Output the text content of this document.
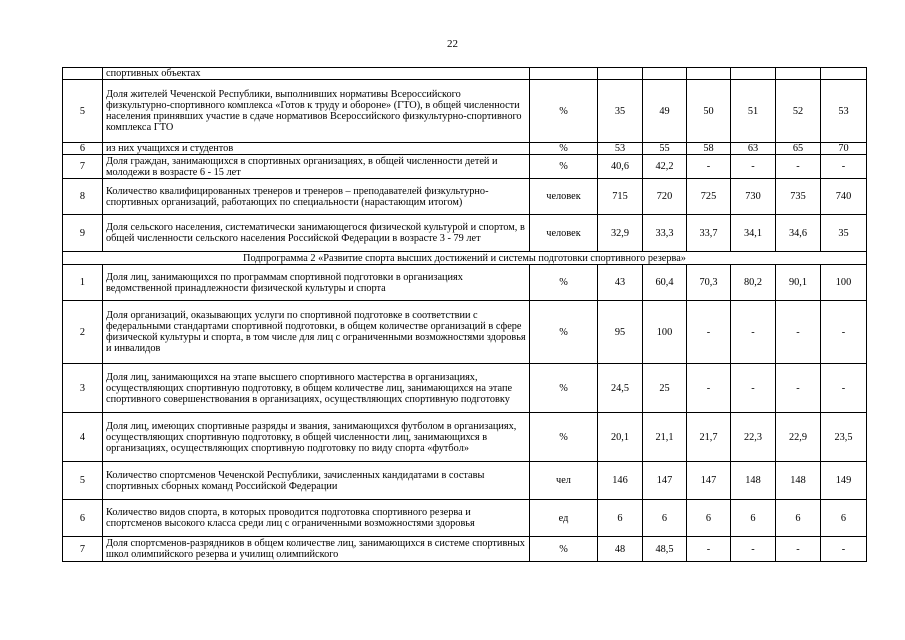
22
	спортивных объектах							
5	Доля жителей Чеченской Республики, выполнивших нормативы Всероссийского физкультурно-спортивного комплекса «Готов к труду и обороне» (ГТО), в общей численности населения принявших участие в сдаче нормативов Всероссийского физкультурно-спортивного комплекса ГТО	%	35	49	50	51	52	53
6	из них учащихся и студентов	%	53	55	58	63	65	70
7	Доля граждан, занимающихся в спортивных организациях, в общей численности детей и молодежи в возрасте 6 - 15 лет	%	40,6	42,2	-	-	-	-
8	Количество квалифицированных тренеров и тренеров – преподавателей физкультурно-спортивных организаций, работающих по специальности (нарастающим итогом)	человек	715	720	725	730	735	740
9	Доля сельского населения, систематически занимающегося физической культурой и спортом, в общей численности сельского населения Российской Федерации в возрасте 3 - 79 лет	человек	32,9	33,3	33,7	34,1	34,6	35
Подпрограмма 2 «Развитие спорта высших достижений и системы подготовки спортивного резерва»								
1	Доля лиц, занимающихся по программам спортивной подготовки в организациях ведомственной принадлежности физической культуры и спорта	%	43	60,4	70,3	80,2	90,1	100
2	Доля организаций, оказывающих услуги по спортивной подготовке в соответствии с федеральными стандартами спортивной подготовки, в общем количестве организаций в сфере физической культуры и спорта, в том числе для лиц с ограниченными возможностями здоровья и инвалидов	%	95	100	-	-	-	-
3	Доля лиц, занимающихся на этапе высшего спортивного мастерства в организациях, осуществляющих спортивную подготовку, в общем количестве лиц, занимающихся на этапе спортивного совершенствования в организациях, осуществляющих спортивную подготовку	%	24,5	25	-	-	-	-
4	Доля лиц, имеющих спортивные разряды и звания, занимающихся футболом в организациях, осуществляющих спортивную подготовку, в общей численности лиц, занимающихся в организациях, осуществляющих спортивную подготовку по виду спорта «футбол»	%	20,1	21,1	21,7	22,3	22,9	23,5
5	Количество спортсменов Чеченской Республики, зачисленных кандидатами в составы спортивных сборных команд Российской Федерации	чел	146	147	147	148	148	149
6	Количество видов спорта, в которых проводится подготовка спортивного резерва и спортсменов высокого класса среди лиц с ограниченными возможностями здоровья	ед	6	6	6	6	6	6
7	Доля спортсменов-разрядников в общем количестве лиц, занимающихся в системе спортивных школ олимпийского резерва и училищ олимпийского	%	48	48,5	-	-	-	-
